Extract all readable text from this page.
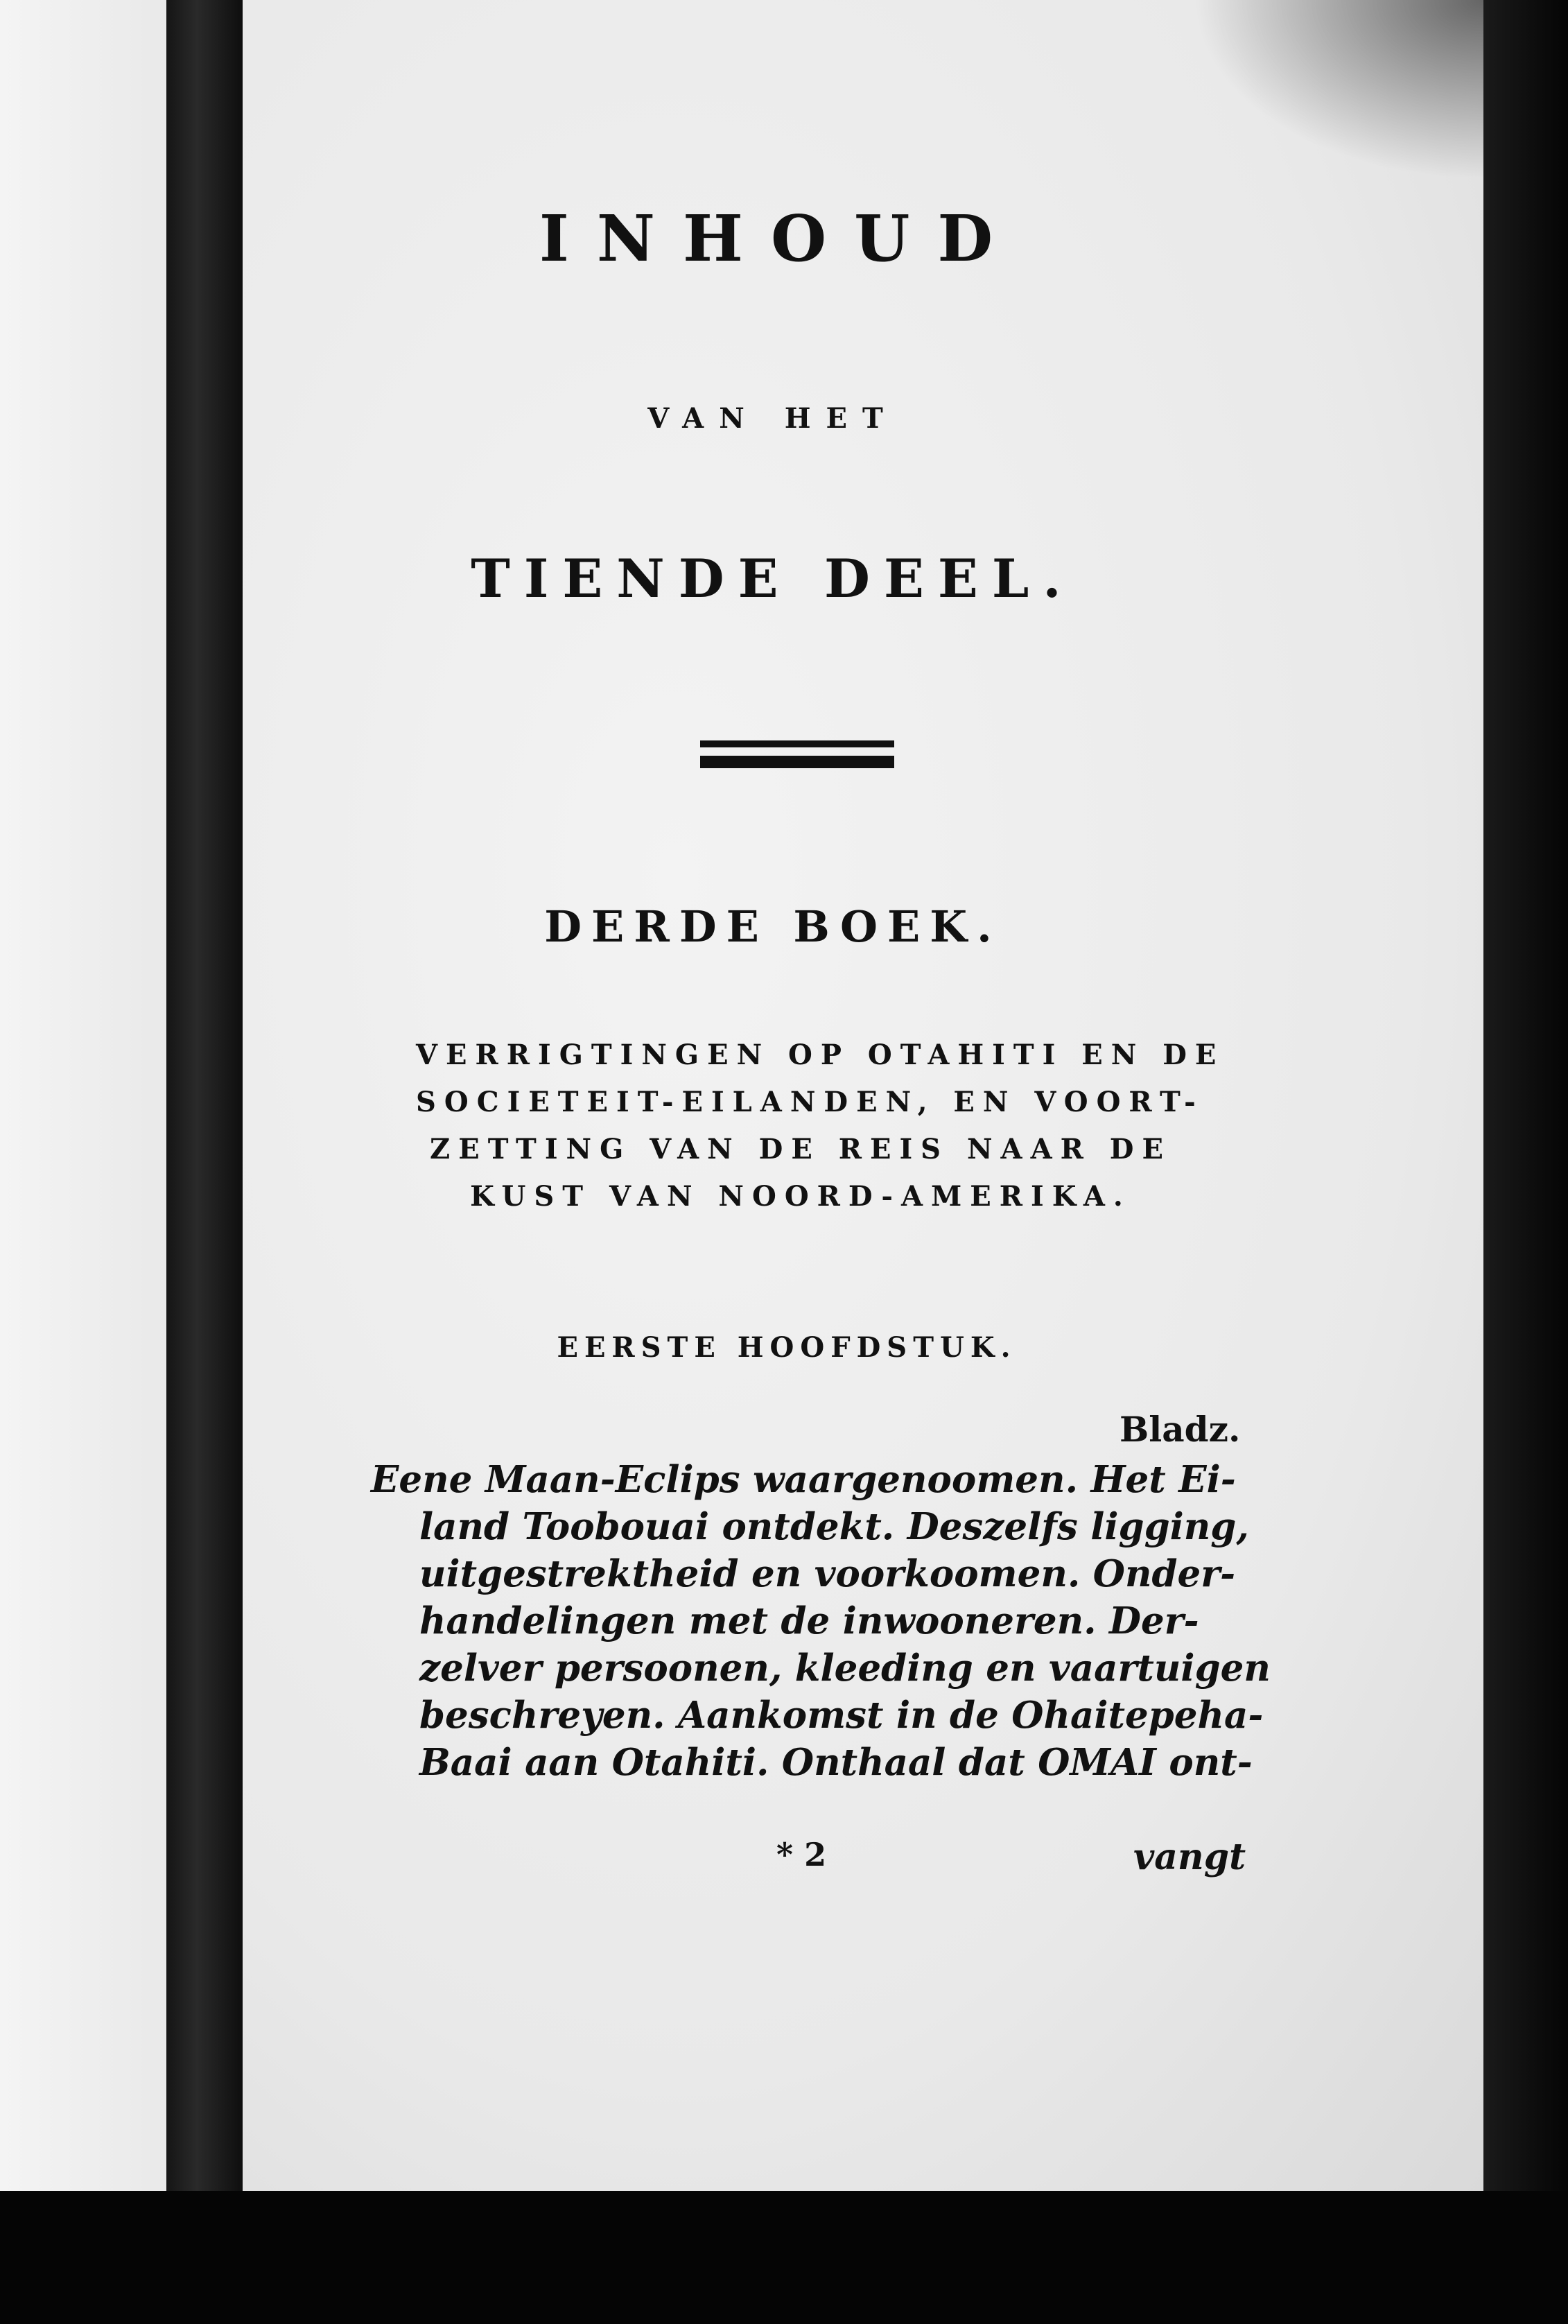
INHOUD
VAN HET
TIENDE DEEL.
DERDE BOEK.
VERRIGTINGEN OP OTAHITI EN DE
SOCIETEIT-EILANDEN, EN VOORT-
ZETTING VAN DE REIS NAAR DE
KUST VAN NOORD-AMERIKA.
EERSTE HOOFDSTUK.
Bladz.
Eene Maan-Eclips waargenoomen. Het Ei-
land Toobouai ontdekt. Deszelfs ligging,
uitgestrektheid en voorkoomen. Onder-
handelingen met de inwooneren. Der-
zelver persoonen, kleeding en vaartuigen
beschreyen. Aankomst in de Ohaitepeha-
Baai aan Otahiti. Onthaal dat OMAI ont-
* 2	vangt
